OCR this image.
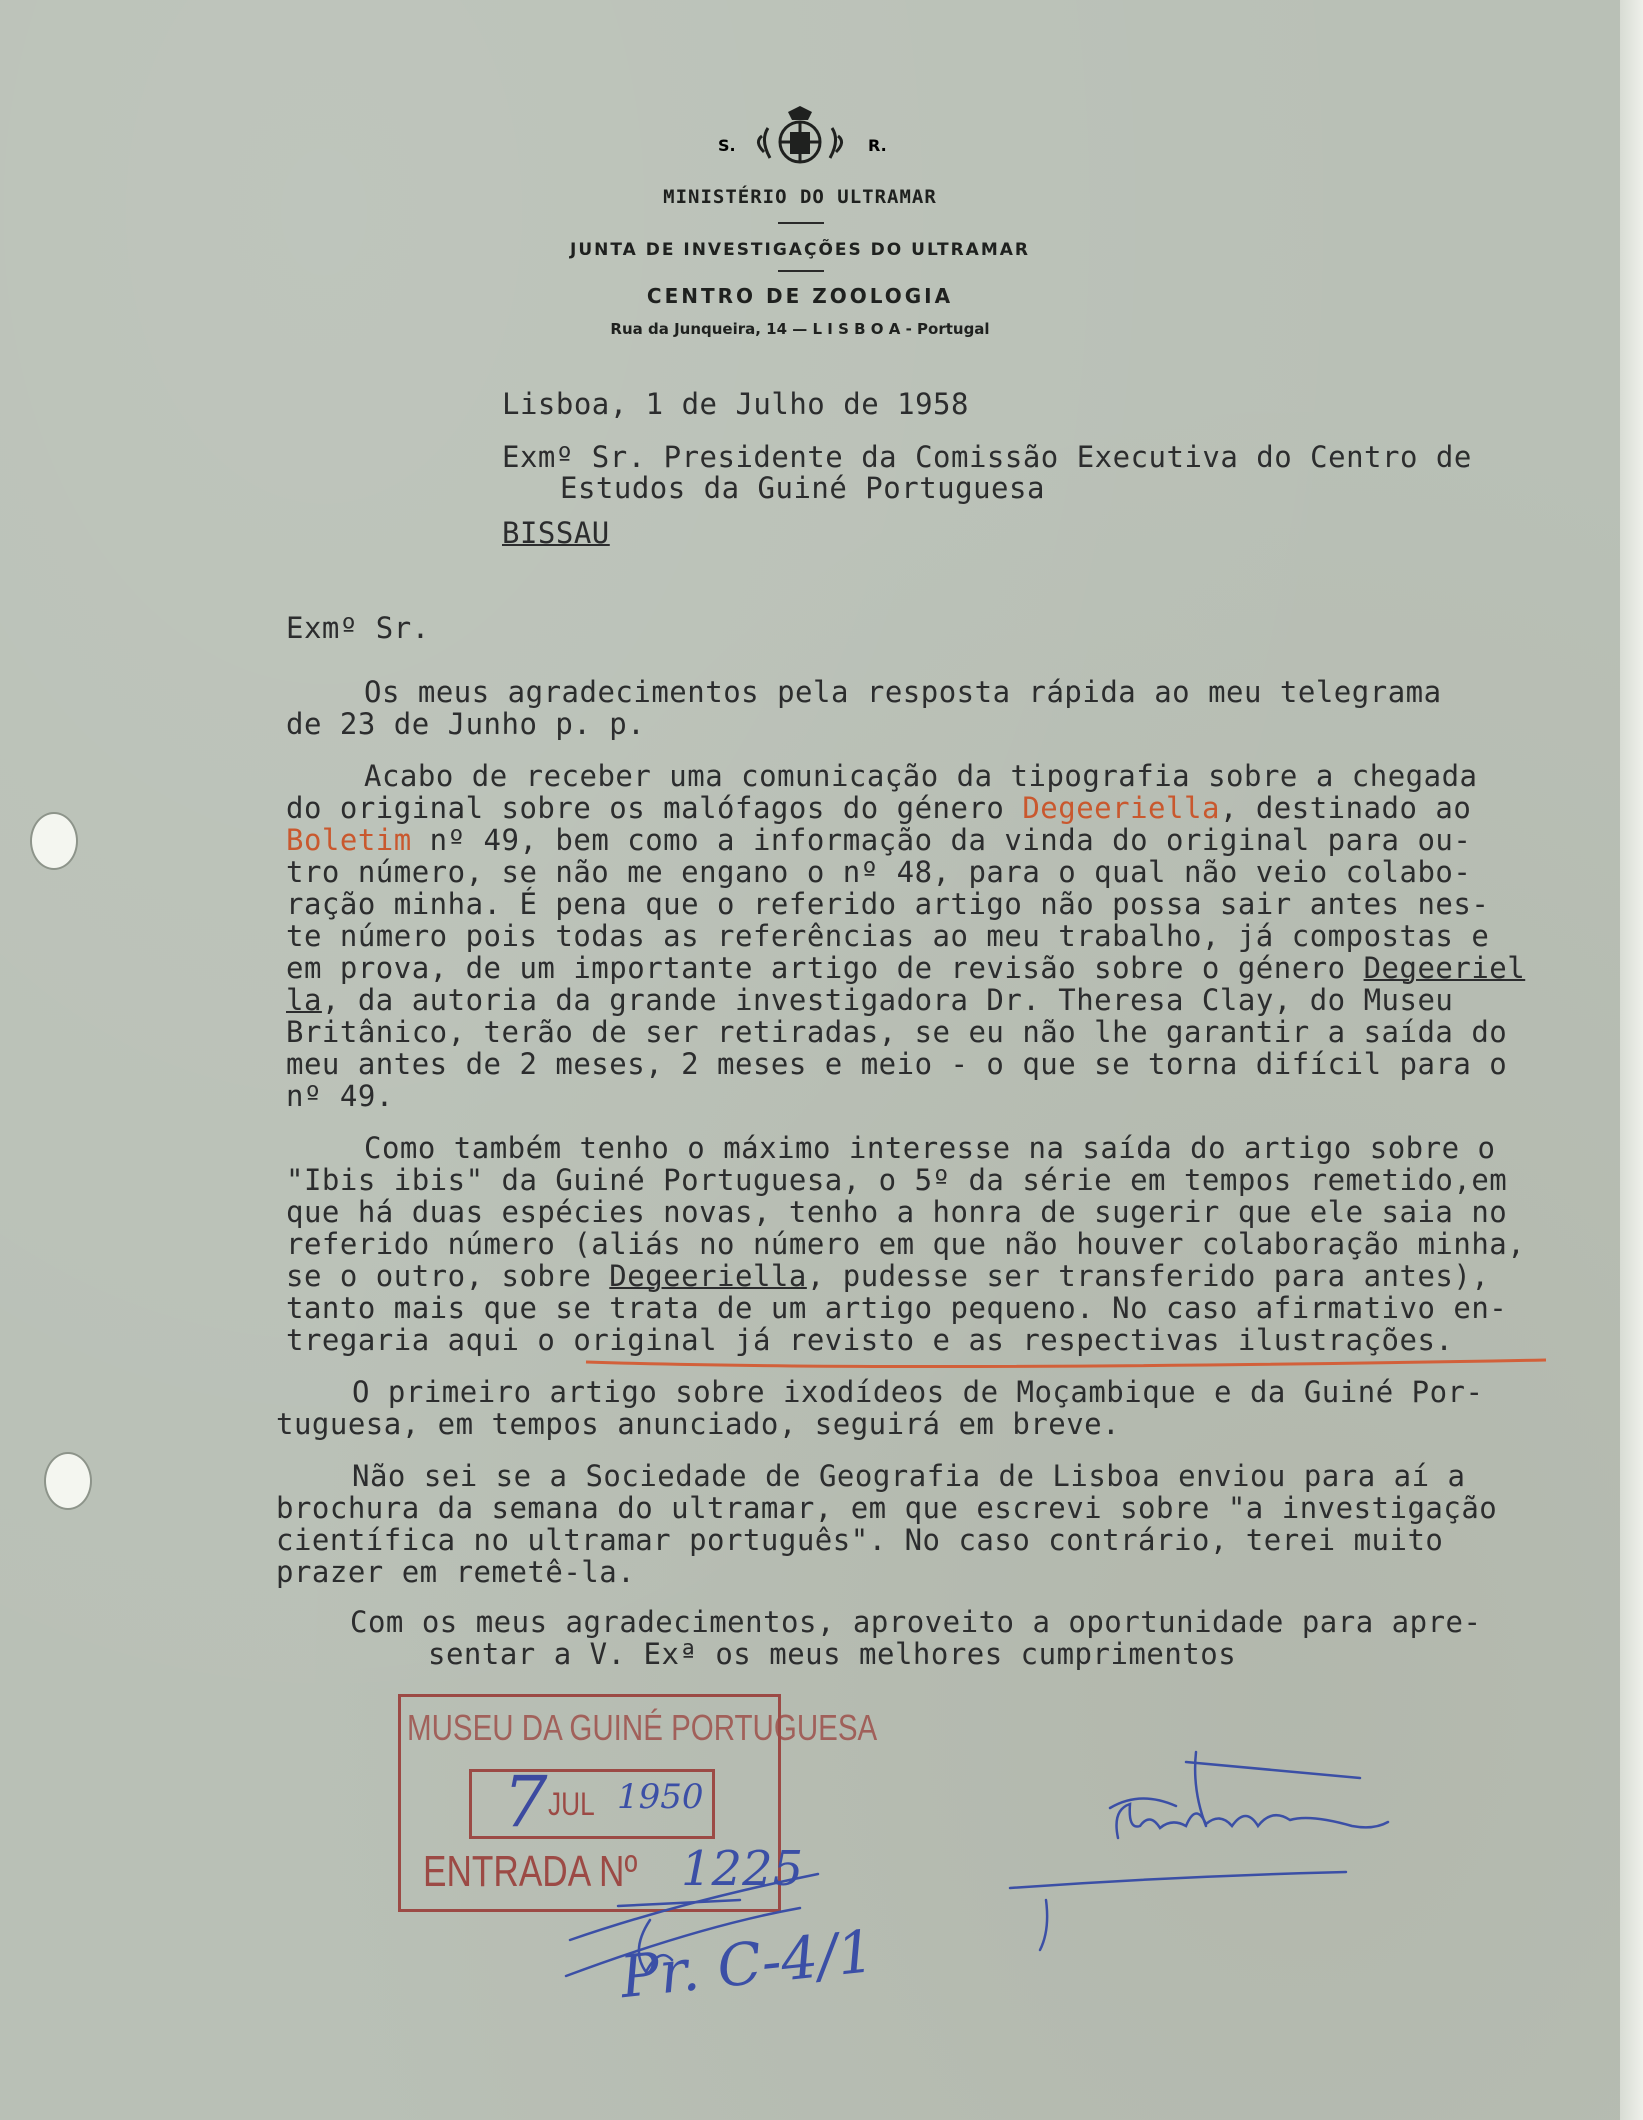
S.	R.
MINISTÉRIO DO ULTRAMAR
JUNTA DE INVESTIGAÇÕES DO ULTRAMAR
CENTRO DE ZOOLOGIA
Rua da Junqueira, 14 — L I S B O A - Portugal
Lisboa, 1 de Julho de 1958
Exmº Sr. Presidente da Comissão Executiva do Centro de
Estudos da Guiné Portuguesa
BISSAU
Exmº Sr.
Os meus agradecimentos pela resposta rápida ao meu telegrama
de 23 de Junho p. p.
Acabo de receber uma comunicação da tipografia sobre a chegada
do original sobre os malófagos do género Degeeriella, destinado ao
Boletim nº 49, bem como a informação da vinda do original para ou-
tro número, se não me engano o nº 48, para o qual não veio colabo-
ração minha. É pena que o referido artigo não possa sair antes nes-
te número pois todas as referências ao meu trabalho, já compostas e
em prova, de um importante artigo de revisão sobre o género Degeeriel
la, da autoria da grande investigadora Dr. Theresa Clay, do Museu
Britânico, terão de ser retiradas, se eu não lhe garantir a saída do
meu antes de 2 meses, 2 meses e meio - o que se torna difícil para o
nº 49.
Como também tenho o máximo interesse na saída do artigo sobre o
"Ibis ibis" da Guiné Portuguesa, o 5º da série em tempos remetido,em
que há duas espécies novas, tenho a honra de sugerir que ele saia no
referido número (aliás no número em que não houver colaboração minha,
se o outro, sobre Degeeriella, pudesse ser transferido para antes),
tanto mais que se trata de um artigo pequeno. No caso afirmativo en-
tregaria aqui o original já revisto e as respectivas ilustrações.
O primeiro artigo sobre ixodídeos de Moçambique e da Guiné Por-
tuguesa, em tempos anunciado, seguirá em breve.
Não sei se a Sociedade de Geografia de Lisboa enviou para aí a
brochura da semana do ultramar, em que escrevi sobre "a investigação
científica no ultramar português". No caso contrário, terei muito
prazer em remetê-la.
Com os meus agradecimentos, aproveito a oportunidade para apre-
sentar a V. Exª os meus melhores cumprimentos
MUSEU DA GUINÉ PORTUGUESA
JUL
7 1950
ENTRADA Nº 1225
Pr. C-4/1
